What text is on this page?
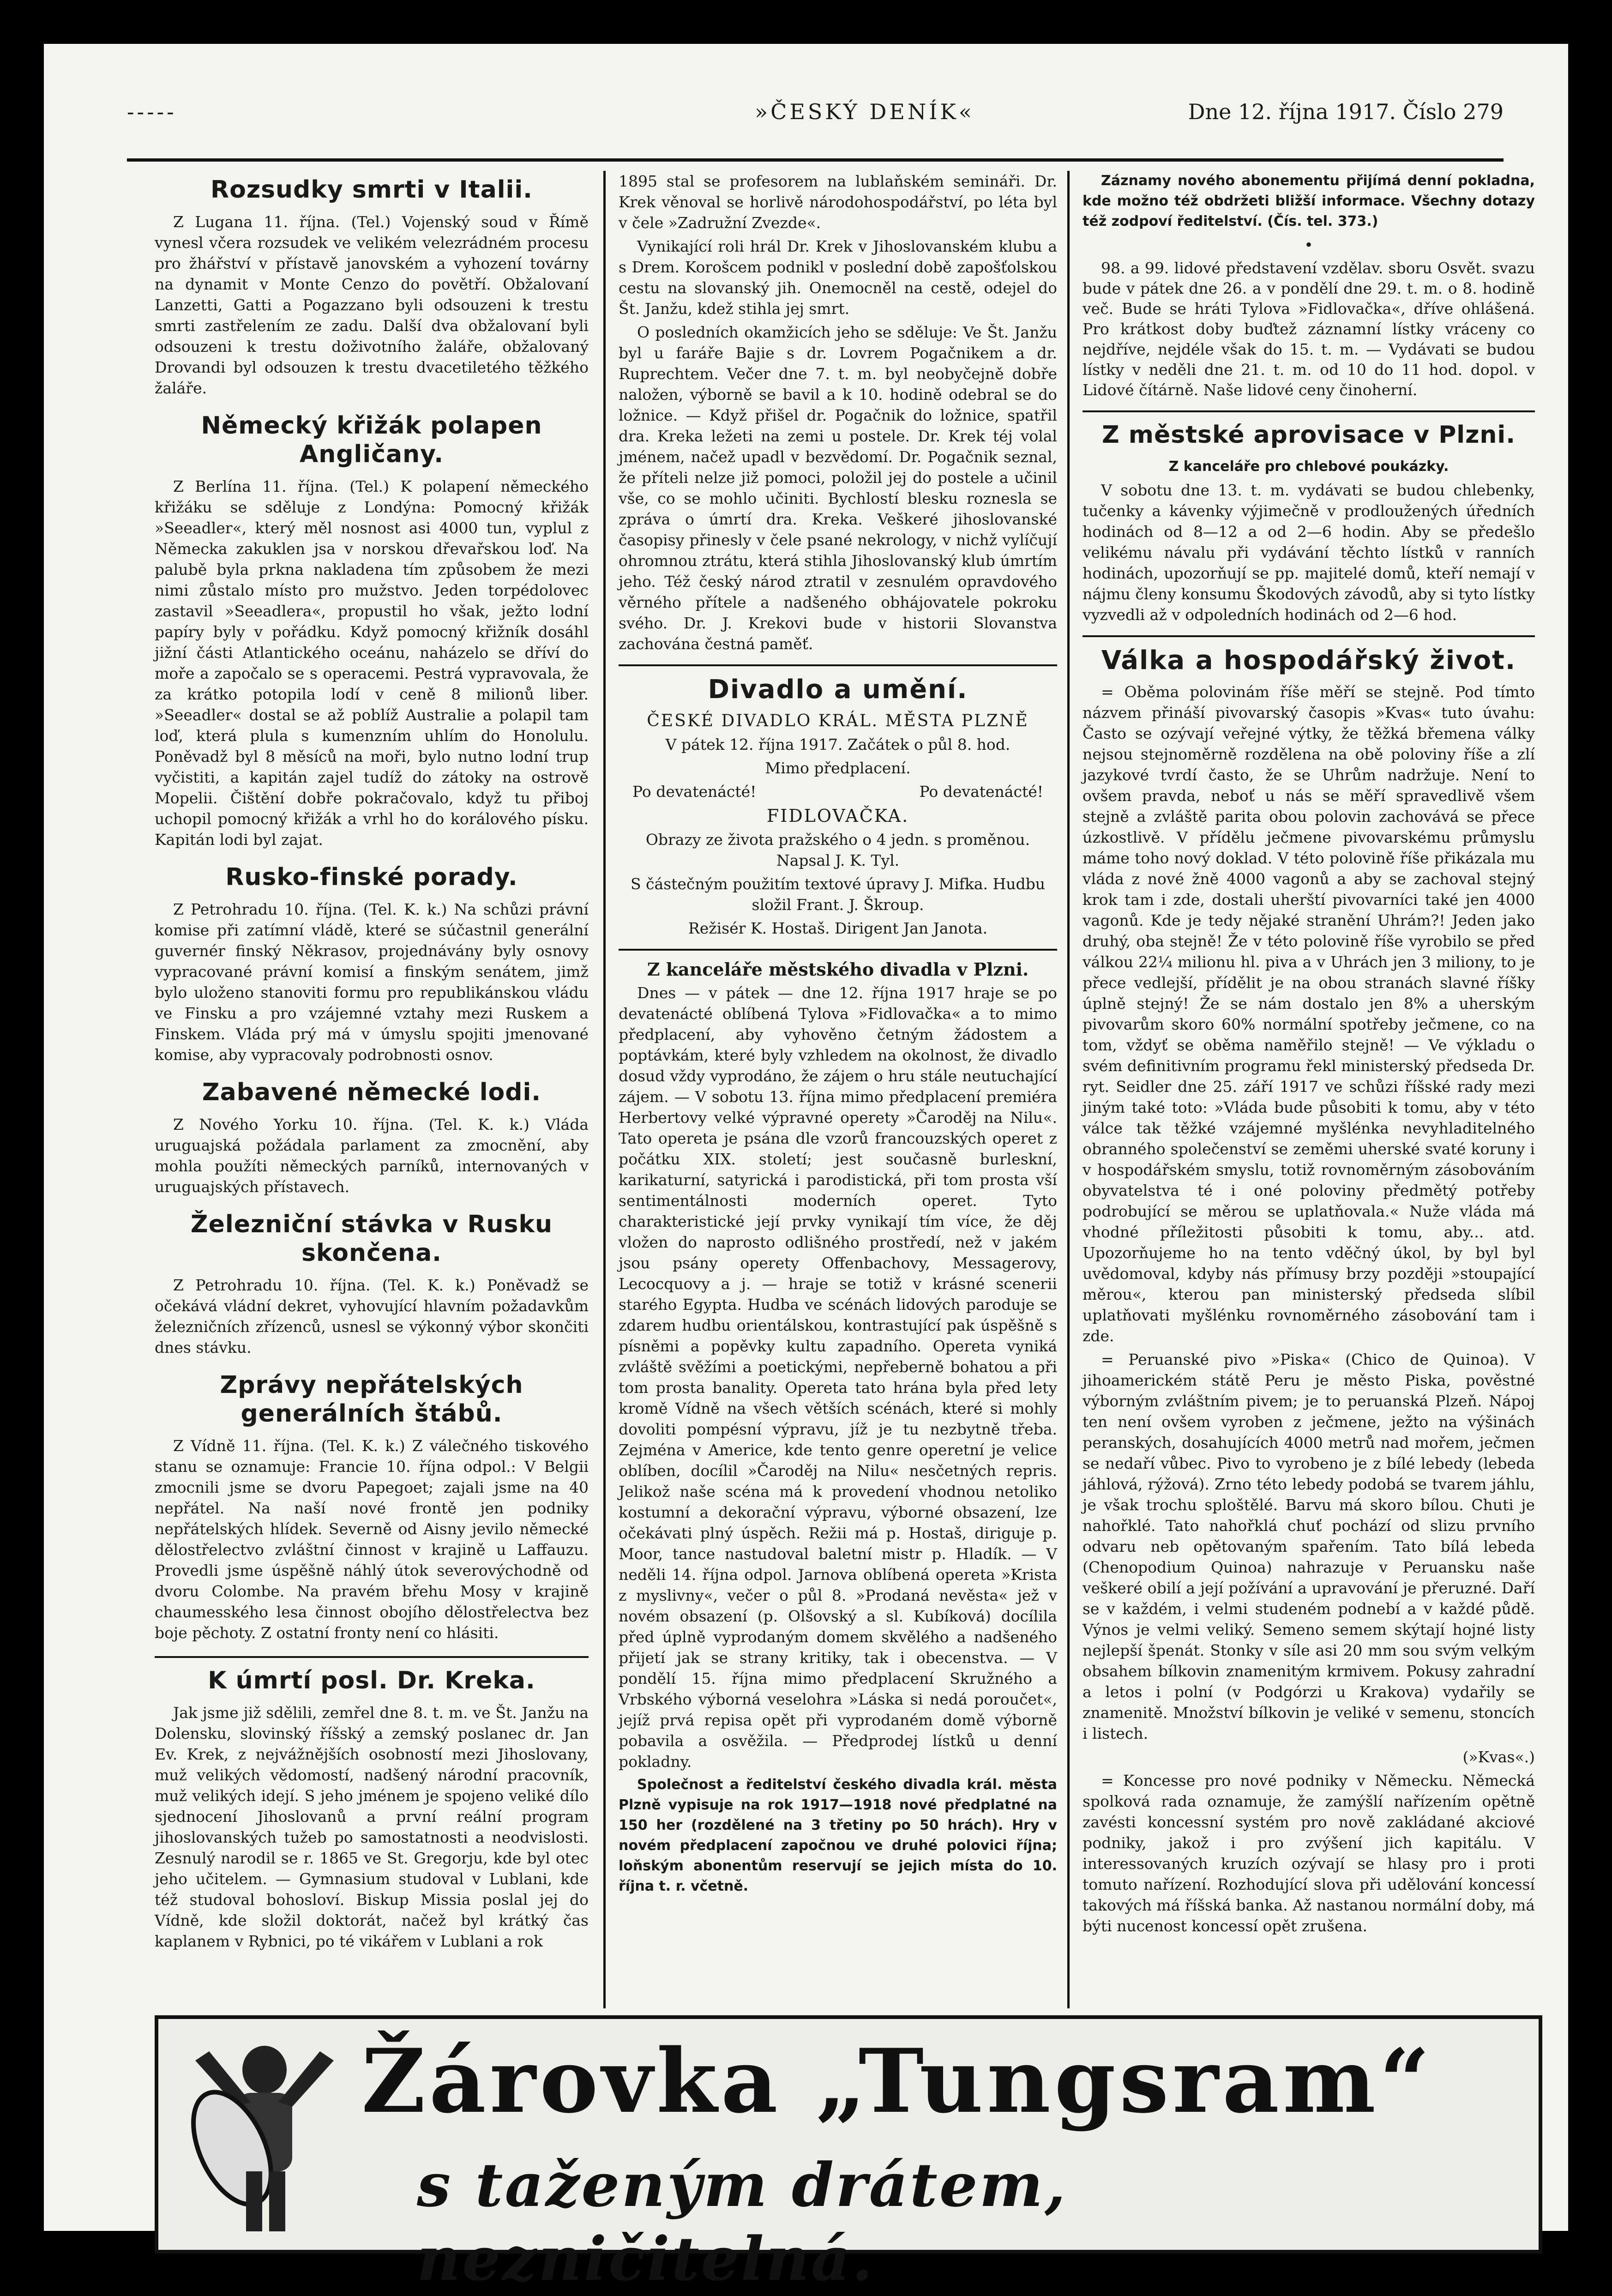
-----	»ČESKÝ DENÍK«	Dne 12. října 1917. Číslo 279
Rozsudky smrti v Italii.

Z Lugana 11. října. (Tel.) Vojenský soud v Římě vynesl včera rozsudek ve velikém velezrádném procesu pro žhářství v přístavě janovském a vyhození továrny na dynamit v Monte Cenzo do povětří. Obžalovaní Lanzetti, Gatti a Pogazzano byli odsouzeni k trestu smrti zastřelením ze zadu. Další dva obžalovaní byli odsouzeni k trestu doživotního žaláře, obžalovaný Drovandi byl odsouzen k trestu dvacetiletého těžkého žaláře.

Německý křižák polapen Angličany.

Z Berlína 11. října. (Tel.) K polapení německého křižáku se sděluje z Londýna: Pomocný křižák »Seeadler«, který měl nosnost asi 4000 tun, vyplul z Německa zakuklen jsa v norskou dřevařskou loď. Na palubě byla prkna nakladena tím způsobem že mezi nimi zůstalo místo pro mužstvo. Jeden torpédoloveс zastavil »Seeadlera«, propustil ho však, ježto lodní papíry byly v pořádku. Když pomocný křižník dosáhl jižní části Atlantického oceánu, naházelo se dříví do moře a započalo se s operacemi. Pestrá vypravovala, že za krátko potopila lodí v ceně 8 milionů liber. »Seeadler« dostal se až poblíž Australie a polapil tam loď, která plula s kumenzním uhlím do Honolulu. Poněvadž byl 8 měsíců na moři, bylo nutno lodní trup vyčistiti, a kapitán zajel tudíž do zátoky na ostrově Mopelii. Čištění dobře pokračovalo, když tu přiboj uchopil pomocný křižák a vrhl ho do korálového písku. Kapitán lodi byl zajat.

Rusko-finské porady.

Z Petrohradu 10. října. (Tel. K. k.) Na schůzi právní komise při zatímní vládě, které se súčastnil generální guvernér finský Někrasov, projednávány byly osnovy vypracované právní komisí a finským senátem, jimž bylo uloženo stanoviti formu pro republikánskou vládu ve Finsku a pro vzájemné vztahy mezi Ruskem a Finskem. Vláda prý má v úmyslu spojiti jmenované komise, aby vypracovaly podrobnosti osnov.

Zabavené německé lodi.

Z Nového Yorku 10. října. (Tel. K. k.) Vláda uruguajská požádala parlament za zmocnění, aby mohla použíti německých parníků, internovaných v uruguajských přístavech.

Železniční stávka v Rusku skončena.

Z Petrohradu 10. října. (Tel. K. k.) Poněvadž se očekává vládní dekret, vyhovující hlavním požadavkům železničních zřízenců, usnesl se výkonný výbor skončiti dnes stávku.

Zprávy nepřátelských generálních štábů.

Z Vídně 11. října. (Tel. K. k.) Z válečného tiskového stanu se oznamuje: Francie 10. října odpol.: V Belgii zmocnili jsme se dvoru Papegoet; zajali jsme na 40 nepřátel. Na naší nové frontě jen podniky nepřátelských hlídek. Severně od Aisny jevilo německé dělostřelectvo zvláštní činnost v krajině u Laffauzu. Provedli jsme úspěšně náhlý útok severovýchodně od dvoru Colombe. Na pravém břehu Mosy v krajině chaumesského lesa činnost obojího dělostřelectva bez boje pěchoty. Z ostatní fronty není co hlásiti.

K úmrtí posl. Dr. Kreka.

Jak jsme již sdělili, zemřel dne 8. t. m. ve Št. Janžu na Dolensku, slovinský říšský a zemský poslanec dr. Jan Ev. Krek, z nejvážnějších osobností mezi Jihoslovany, muž velikých vědomostí, nadšený národní pracovník, muž velikých idejí. S jeho jménem je spojeno veliké dílo sjednocení Jihoslovanů a první reální program jihoslovanských tužeb po samostatnosti a neodvislosti. Zesnulý narodil se r. 1865 ve St. Gregorju, kde byl otec jeho učitelem. — Gymnasium studoval v Lublani, kde též studoval bohosloví. Biskup Missia poslal jej do Vídně, kde složil doktorát, načež byl krátký čas kaplanem v Rybnici, po té vikářem v Lublani a rok

1895 stal se profesorem na lublaňském semináři. Dr. Krek věnoval se horlivě národohospodářství, po léta byl v čele »Zadružní Zvezde«.

Vynikající roli hrál Dr. Krek v Jihoslovanském klubu a s Drem. Korošcem podnikl v poslední době zapošťolskou cestu na slovanský jih. Onemocněl na cestě, odejel do Št. Janžu, kdež stihla jej smrt.

O posledních okamžicích jeho se sděluje: Ve Št. Janžu byl u faráře Bajie s dr. Lovrem Pogačnikem a dr. Ruprechtem. Večer dne 7. t. m. byl neobyčejně dobře naložen, výborně se bavil a k 10. hodině odebral se do ložnice. — Když přišel dr. Pogačnik do ložnice, spatřil dra. Kreka ležeti na zemi u postele. Dr. Krek téj volal jménem, načež upadl v bezvědomí. Dr. Pogačnik seznal, že příteli nelze již pomoci, položil jej do postele a učinil vše, co se mohlo učiniti. Bychlostí blesku roznesla se zpráva o úmrtí dra. Kreka. Veškeré jihoslovanské časopisy přinesly v čele psané nekrology, v nichž vylíčují ohromnou ztrátu, která stihla Jihoslovanský klub úmrtím jeho. Též český národ ztratil v zesnulém opravdového věrného přítele a nadšeného obhájovatele pokroku svého. Dr. J. Krekovi bude v historii Slovanstva zachována čestná paměť.

Divadlo a umění.

ČESKÉ DIVADLO KRÁL. MĚSTA PLZNĚ

V pátek 12. října 1917. Začátek o půl 8. hod.

Mimo předplacení.

Po devatenácté!	Po devatenácté!

FIDLOVAČKA.

Obrazy ze života pražského o 4 jedn. s proměnou. Napsal J. K. Tyl.

S částečným použitím textové úpravy J. Mifka. Hudbu složil Frant. J. Škroup.

Režisér K. Hostaš. Dirigent Jan Janota.

Z kanceláře městského divadla v Plzni.

Dnes — v pátek — dne 12. října 1917 hraje se po devatenácté oblíbená Tylova »Fidlovačka« a to mimo předplacení, aby vyhověno četným žádostem a poptávkám, které byly vzhledem na okolnost, že divadlo dosud vždy vyprodáno, že zájem o hru stále neutuchající zájem. — V sobotu 13. října mimo předplacení premiéra Herbertovy velké výpravné operety »Čaroděj na Nilu«. Tato opereta je psána dle vzorů francouzských operet z počátku XIX. století; jest současně burleskní, karikaturní, satyrická i parodistická, při tom prosta vší sentimentálnosti moderních operet. Tyto charakteristické její prvky vynikají tím více, že děj vložen do naprosto odlišného prostředí, než v jakém jsou psány operety Offenbachovy, Messagerovy, Lecocquovy a j. — hraje se totiž v krásné scenerii starého Egypta. Hudba ve scénách lidových paroduje se zdarem hudbu orientálskou, kontrastující pak úspěšně s písněmi a popěvky kultu zapadního. Opereta vyniká zvláště svěžími a poetickými, nepřeberně bohatou a při tom prosta banality. Opereta tato hrána byla před lety kromě Vídně na všech větších scénách, které si mohly dovoliti pompésní výpravu, jíž je tu nezbytně třeba. Zejména v Americe, kde tento genre operetní je velice oblíben, docílil »Čaroděj na Nilu« nesčetných repris. Jelikož naše scéna má k provedení vhodnou netoliko kostumní a dekorační výpravu, výborné obsazení, lze očekávati plný úspěch. Režii má p. Hostaš, diriguje p. Moor, tance nastudoval baletní mistr p. Hladík. — V neděli 14. října odpol. Jarnova oblíbená opereta »Krista z myslivny«, večer o půl 8. »Prodaná nevěsta« jež v novém obsazení (p. Olšovský a sl. Kubíková) docílila před úplně vyprodaným domem skvělého a nadšeného přijetí jak se strany kritiky, tak i obecenstva. — V pondělí 15. října mimo předplacení Skružného a Vrbského výborná veselohra »Láska si nedá poroučet«, jejíž prvá repisa opět při vyprodaném domě výborně pobavila a osvěžila. — Předprodej lístků u denní pokladny.

Společnost a ředitelství českého divadla král. města Plzně vypisuje na rok 1917—1918 nové předplatné na 150 her (rozdělené na 3 třetiny po 50 hrách). Hry v novém předplacení započnou ve druhé polovici října; loňským abonentům reservují se jejich místa do 10. října t. r. včetně.

Záznamy nového abonementu přijímá denní pokladna, kde možno též obdržeti bližší informace. Všechny dotazy též zodpoví ředitelství. (Čís. tel. 373.)

•

98. a 99. lidové představení vzdělav. sboru Osvět. svazu bude v pátek dne 26. a v pondělí dne 29. t. m. o 8. hodině več. Bude se hráti Tylova »Fidlovačka«, dříve ohlášená. Pro krátkost doby buďtež záznamní lístky vráceny co nejdříve, nejdéle však do 15. t. m. — Vydávati se budou lístky v neděli dne 21. t. m. od 10 do 11 hod. dopol. v Lidové čítárně. Naše lidové ceny činoherní.

Z městské aprovisace v Plzni.

Z kanceláře pro chlebové poukázky.

V sobotu dne 13. t. m. vydávati se budou chlebenky, tučenky a kávenky výjimečně v prodloužených úředních hodinách od 8—12 a od 2—6 hodin. Aby se předešlo velikému návalu při vydávání těchto lístků v ranních hodinách, upozorňují se pp. majitelé domů, kteří nemají v nájmu členy konsumu Škodových závodů, aby si tyto lístky vyzvedli až v odpoledních hodinách od 2—6 hod.

Válka a hospodářský život.

= Oběma polovinám říše měří se stejně. Pod tímto názvem přináší pivovarský časopis »Kvas« tuto úvahu: Často se ozývají veřejné výtky, že těžká břemena války nejsou stejnoměrně rozdělena na obě poloviny říše a zlí jazykové tvrdí často, že se Uhrům nadržuje. Není to ovšem pravda, neboť u nás se měří spravedlivě všem stejně a zvláště parita obou polovin zachovává se přece úzkostlivě. V přídělu ječmene pivovarskému průmyslu máme toho nový doklad. V této polovině říše přikázala mu vláda z nové žně 4000 vagonů a aby se zachoval stejný krok tam i zde, dostali uherští pivovarníci také jen 4000 vagonů. Kde je tedy nějaké stranění Uhrám?! Jeden jako druhý, oba stejně! Že v této polovině říše vyrobilo se před válkou 22¼ milionu hl. piva a v Uhrách jen 3 miliony, to je přece vedlejší, přídělit je na obou stranách slavné říšky úplně stejný! Že se nám dostalo jen 8% a uherským pivovarům skoro 60% normální spotřeby ječmene, co na tom, vždyť se oběma naměřilo stejně! — Ve výkladu o svém definitivním programu řekl ministerský předseda Dr. ryt. Seidler dne 25. září 1917 ve schůzi říšské rady mezi jiným také toto: »Vláda bude působiti k tomu, aby v této válce tak těžké vzájemné myšlénka nevyhladitelného obranného společenství se zeměmi uherské svaté koruny i v hospodářském smyslu, totiž rovnoměrným zásobováním obyvatelstva té i oné poloviny předmětý potřeby podrobující se měrou se uplatňovala.« Nuže vláda má vhodné příležitosti působiti k tomu, aby... atd. Upozorňujeme ho na tento vděčný úkol, by byl byl uvědomoval, kdyby nás přímusy brzy později »stoupající měrou«, kterou pan ministerský předseda slíbil uplatňovati myšlénku rovnoměrného zásobování tam i zde.

= Peruanské pivo »Piska« (Chico de Quinoa). V jihoamerickém státě Peru je město Piska, pověstné výborným zvláštním pivem; je to peruanská Plzeň. Nápoj ten není ovšem vyroben z ječmene, ježto na výšinách peranských, dosahujících 4000 metrů nad mořem, ječmen se nedaří vůbec. Pivo to vyrobeno je z bílé lebedy (lebeda jáhlová, rýžová). Zrno této lebedy podobá se tvarem jáhlu, je však trochu sploštělé. Barvu má skoro bílou. Chuti je nahořklé. Tato nahořklá chuť pochází od slizu prvního odvaru neb opětovaným spařením. Tato bílá lebeda (Chenopodium Quinoa) nahrazuje v Peruansku naše veškeré obilí a její požívání a upravování je přeruzné. Daří se v každém, i velmi studeném podnebí a v každé půdě. Výnos je velmi veliký. Semeno semem skýtají hojné listy nejlepší špenát. Stonky v síle asi 20 mm sou svým velkým obsahem bílkovin znamenitým krmivem. Pokusy zahradní a letos i polní (v Podgórzi u Krakova) vydařily se znamenitě. Množství bílkovin je veliké v semenu, stoncích i listech.

(»Kvas«.)

= Koncesse pro nové podniky v Německu. Německá spolková rada oznamuje, že zamýšlí nařízením opětně zavésti koncessní systém pro nově zakládané akciové podniky, jakož i pro zvýšení jich kapitálu. V interessovaných kruzích ozývají se hlasy pro i proti tomuto nařízení. Rozhodující slova při udělování koncessí takových má říšská banka. Až nastanou normální doby, má býti nucenost koncessí opět zrušena.

Žárovka „Tungsram“
s taženým drátem, nezničitelná.
